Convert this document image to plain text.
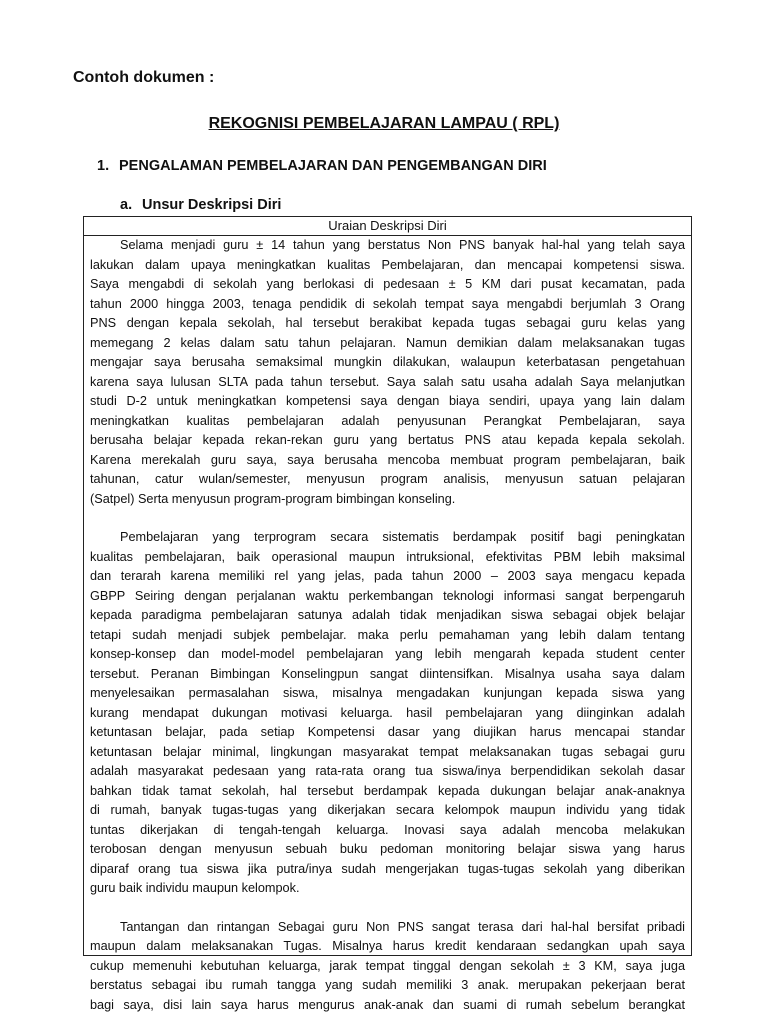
Contoh dokumen :

REKOGNISI PEMBELAJARAN LAMPAU ( RPL)

1. PENGALAMAN PEMBELAJARAN DAN PENGEMBANGAN DIRI

a. Unsur Deskripsi Diri

Uraian Deskripsi Diri
Selama menjadi guru ± 14 tahun yang berstatus Non PNS banyak hal-hal yang telah saya
lakukan dalam upaya meningkatkan kualitas Pembelajaran, dan mencapai kompetensi siswa.
Saya mengabdi di sekolah yang berlokasi di pedesaan ± 5 KM dari pusat kecamatan, pada
tahun 2000 hingga 2003, tenaga pendidik di sekolah tempat saya mengabdi berjumlah 3 Orang
PNS dengan kepala sekolah, hal tersebut berakibat kepada tugas sebagai guru kelas yang
memegang 2 kelas dalam satu tahun pelajaran. Namun demikian dalam melaksanakan tugas
mengajar saya berusaha semaksimal mungkin dilakukan, walaupun keterbatasan pengetahuan
karena saya lulusan SLTA pada tahun tersebut. Saya salah satu usaha adalah Saya melanjutkan
studi D-2 untuk meningkatkan kompetensi saya dengan biaya sendiri, upaya yang lain dalam
meningkatkan kualitas pembelajaran adalah penyusunan Perangkat Pembelajaran, saya
berusaha belajar kepada rekan-rekan guru yang bertatus PNS atau kepada kepala sekolah.
Karena merekalah guru saya, saya berusaha mencoba membuat program pembelajaran, baik
tahunan, catur wulan/semester, menyusun program analisis, menyusun satuan pelajaran
(Satpel) Serta menyusun program-program bimbingan konseling.
Pembelajaran yang terprogram secara sistematis berdampak positif bagi peningkatan
kualitas pembelajaran, baik operasional maupun intruksional, efektivitas PBM lebih maksimal
dan terarah karena memiliki rel yang jelas, pada tahun 2000 – 2003 saya mengacu kepada
GBPP Seiring dengan perjalanan waktu perkembangan teknologi informasi sangat berpengaruh
kepada paradigma pembelajaran satunya adalah tidak menjadikan siswa sebagai objek belajar
tetapi sudah menjadi subjek pembelajar. maka perlu pemahaman yang lebih dalam tentang
konsep-konsep dan model-model pembelajaran yang lebih mengarah kepada student center
tersebut. Peranan Bimbingan Konselingpun sangat diintensifkan. Misalnya usaha saya dalam
menyelesaikan permasalahan siswa, misalnya mengadakan kunjungan kepada siswa yang
kurang mendapat dukungan motivasi keluarga. hasil pembelajaran yang diinginkan adalah
ketuntasan belajar, pada setiap Kompetensi dasar yang diujikan harus mencapai standar
ketuntasan belajar minimal, lingkungan masyarakat tempat melaksanakan tugas sebagai guru
adalah masyarakat pedesaan yang rata-rata orang tua siswa/inya berpendidikan sekolah dasar
bahkan tidak tamat sekolah, hal tersebut berdampak kepada dukungan belajar anak-anaknya
di rumah, banyak tugas-tugas yang dikerjakan secara kelompok maupun individu yang tidak
tuntas dikerjakan di tengah-tengah keluarga. Inovasi saya adalah mencoba melakukan
terobosan dengan menyusun sebuah buku pedoman monitoring belajar siswa yang harus
diparaf orang tua siswa jika putra/inya sudah mengerjakan tugas-tugas sekolah yang diberikan
guru baik individu maupun kelompok.
Tantangan dan rintangan Sebagai guru Non PNS sangat terasa dari hal-hal bersifat pribadi
maupun dalam melaksanakan Tugas. Misalnya harus kredit kendaraan sedangkan upah saya
cukup memenuhi kebutuhan keluarga, jarak tempat tinggal dengan sekolah ± 3 KM, saya juga
berstatus sebagai ibu rumah tangga yang sudah memiliki 3 anak. merupakan pekerjaan berat
bagi saya, disi lain saya harus mengurus anak-anak dan suami di rumah sebelum berangkat
